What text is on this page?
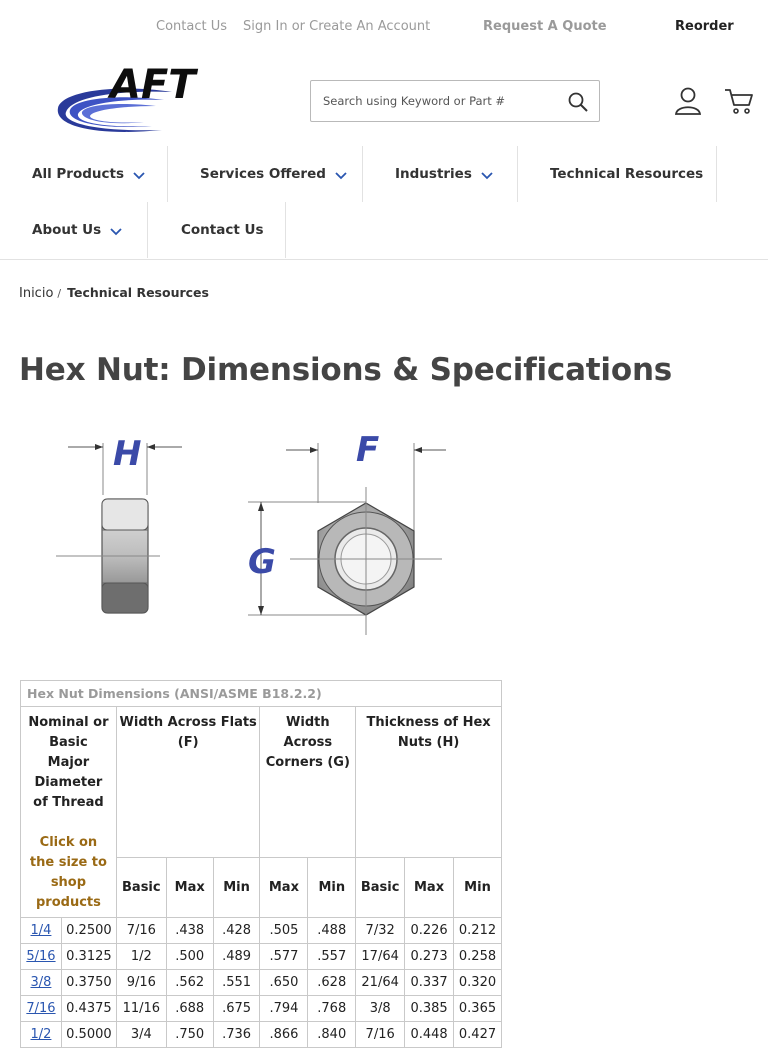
Contact Us Sign In or Create An Account	Request A Quote	Reorder
AFT
Search using Keyword or Part #
All Products	Services Offered	Industries	Technical Resources
About Us	Contact Us
Inicio / Technical Resources
Hex Nut: Dimensions & Specifications
H	F
G
Hex Nut Dimensions (ANSI/ASME B18.2.2)									
Nominal or Basic Major Diameter of Thread
Click on the size to shop products		Width Across Flats (F)			Width Across Corners (G)		Thickness of Hex Nuts (H)		
		Basic	Max	Min	Max	Min	Basic	Max	Min
1/4	0.2500	7/16	.438	.428	.505	.488	7/32	0.226	0.212
5/16	0.3125	1/2	.500	.489	.577	.557	17/64	0.273	0.258
3/8	0.3750	9/16	.562	.551	.650	.628	21/64	0.337	0.320
7/16	0.4375	11/16	.688	.675	.794	.768	3/8	0.385	0.365
1/2	0.5000	3/4	.750	.736	.866	.840	7/16	0.448	0.427
